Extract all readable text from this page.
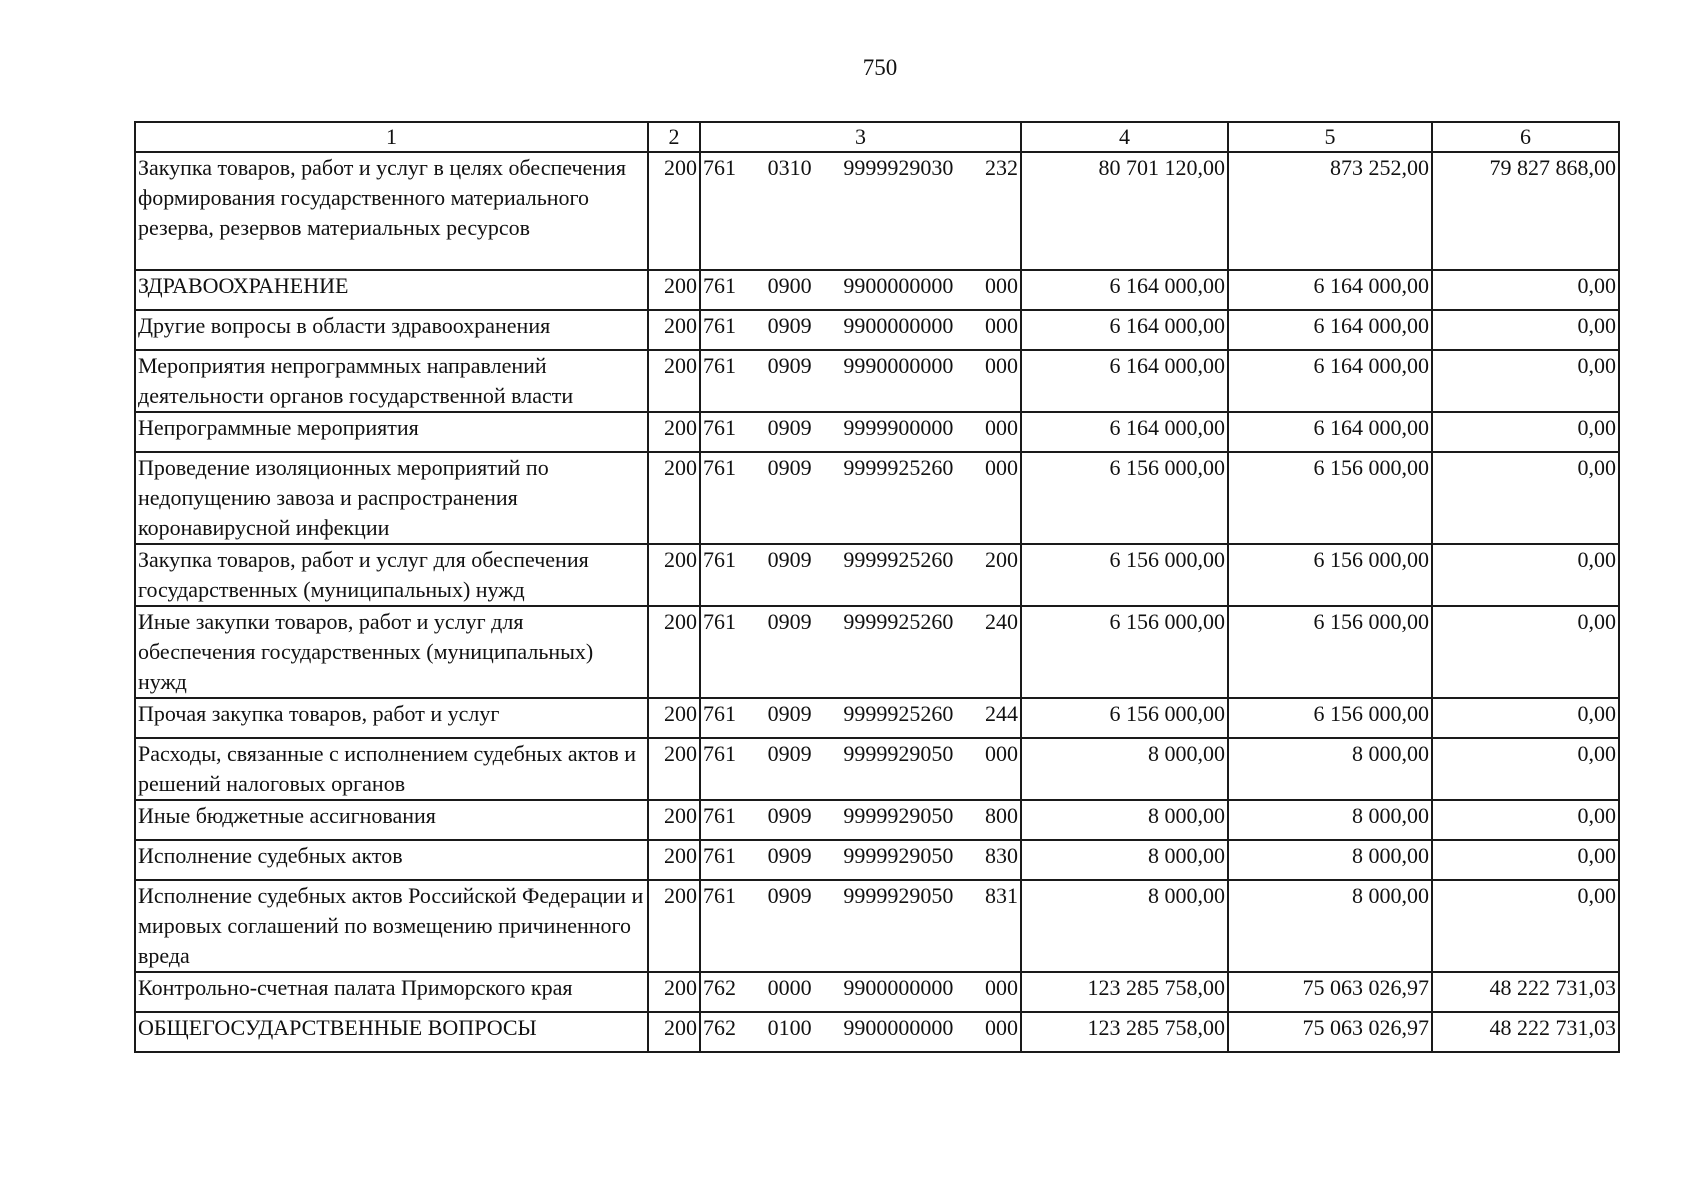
750
1	2	3	4	5	6
Закупка товаров, работ и услуг в целях обеспечения формирования государственного материального резерва, резервов материальных ресурсов	200	761 0310 9999929030 232	80 701 120,00	873 252,00	79 827 868,00
ЗДРАВООХРАНЕНИЕ	200	761 0900 9900000000 000	6 164 000,00	6 164 000,00	0,00
Другие вопросы в области здравоохранения	200	761 0909 9900000000 000	6 164 000,00	6 164 000,00	0,00
Мероприятия непрограммных направлений деятельности органов государственной власти	200	761 0909 9990000000 000	6 164 000,00	6 164 000,00	0,00
Непрограммные мероприятия	200	761 0909 9999900000 000	6 164 000,00	6 164 000,00	0,00
Проведение изоляционных мероприятий по недопущению завоза и распространения коронавирусной инфекции	200	761 0909 9999925260 000	6 156 000,00	6 156 000,00	0,00
Закупка товаров, работ и услуг для обеспечения государственных (муниципальных) нужд	200	761 0909 9999925260 200	6 156 000,00	6 156 000,00	0,00
Иные закупки товаров, работ и услуг для обеспечения государственных (муниципальных) нужд	200	761 0909 9999925260 240	6 156 000,00	6 156 000,00	0,00
Прочая закупка товаров, работ и услуг	200	761 0909 9999925260 244	6 156 000,00	6 156 000,00	0,00
Расходы, связанные с исполнением судебных актов и решений налоговых органов	200	761 0909 9999929050 000	8 000,00	8 000,00	0,00
Иные бюджетные ассигнования	200	761 0909 9999929050 800	8 000,00	8 000,00	0,00
Исполнение судебных актов	200	761 0909 9999929050 830	8 000,00	8 000,00	0,00
Исполнение судебных актов Российской Федерации и мировых соглашений по возмещению причиненного вреда	200	761 0909 9999929050 831	8 000,00	8 000,00	0,00
Контрольно-счетная палата Приморского края	200	762 0000 9900000000 000	123 285 758,00	75 063 026,97	48 222 731,03
ОБЩЕГОСУДАРСТВЕННЫЕ ВОПРОСЫ	200	762 0100 9900000000 000	123 285 758,00	75 063 026,97	48 222 731,03
